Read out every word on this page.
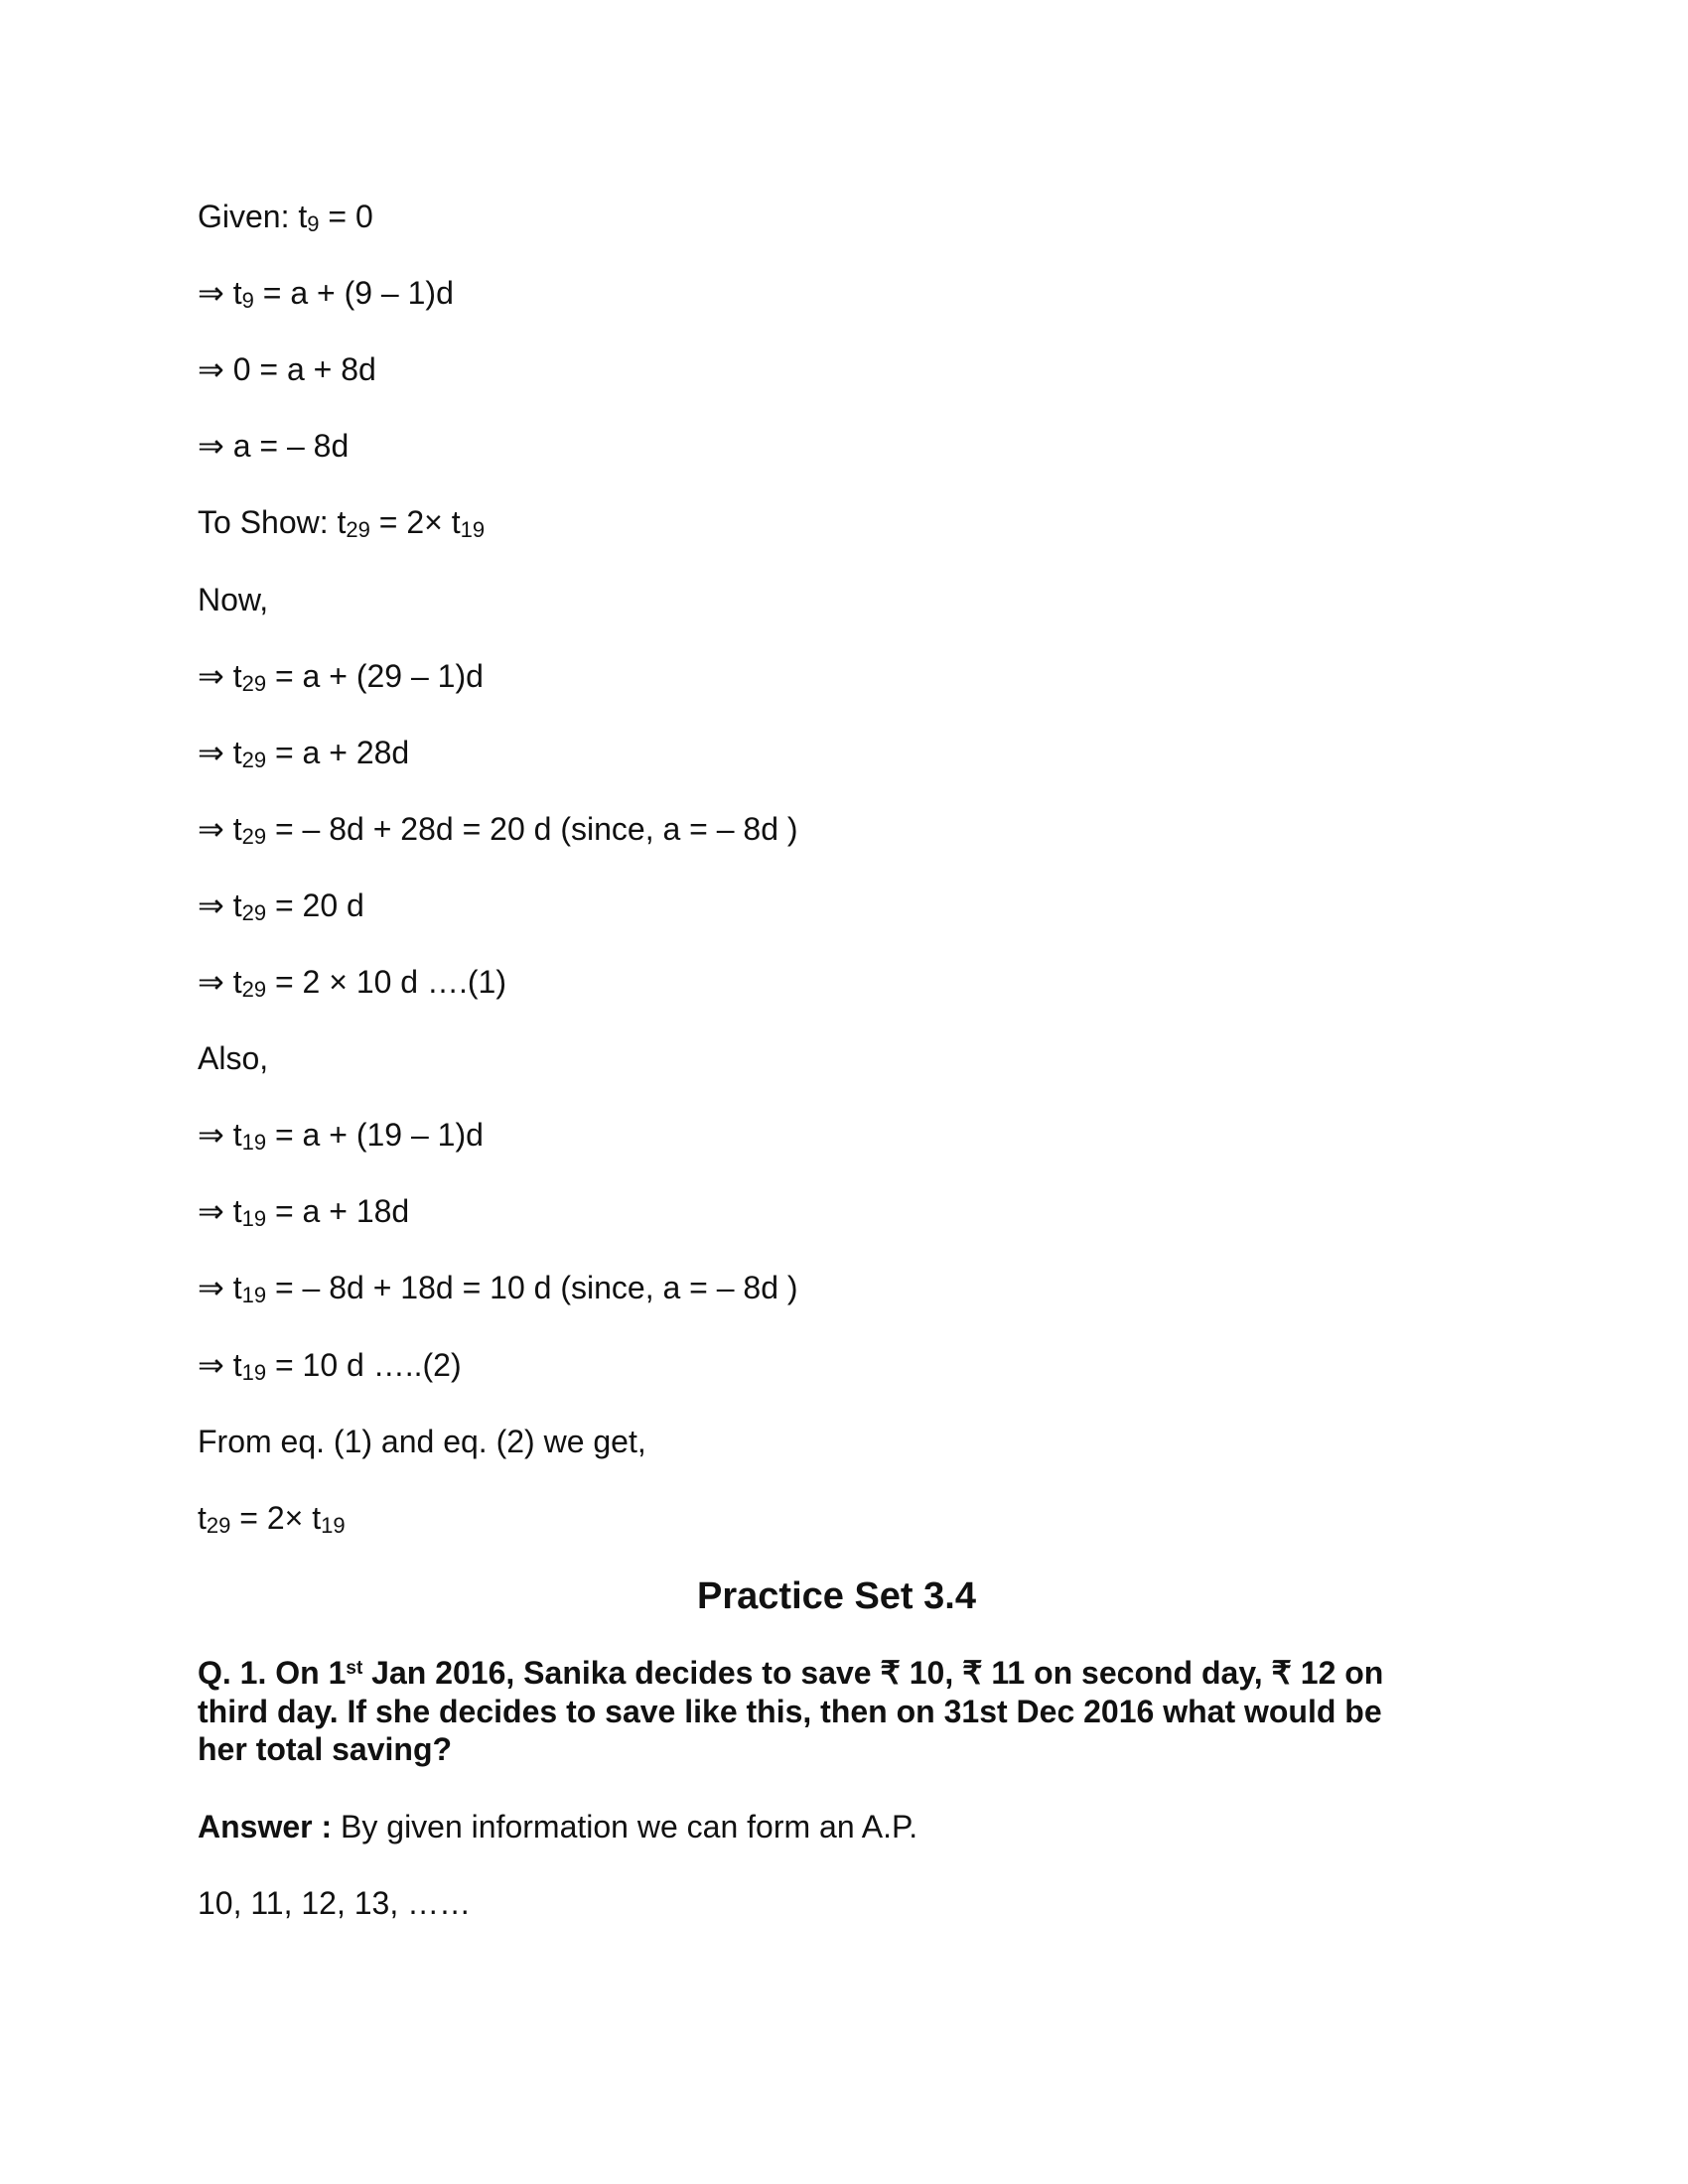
Given: t9 = 0
⇒ t9 = a + (9 – 1)d
⇒ 0 = a + 8d
⇒ a = – 8d
To Show: t29 = 2× t19
Now,
⇒ t29 = a + (29 – 1)d
⇒ t29 = a + 28d
⇒ t29 = – 8d + 28d = 20 d (since, a = – 8d )
⇒ t29 = 20 d
⇒ t29 = 2 × 10 d ….(1)
Also,
⇒ t19 = a + (19 – 1)d
⇒ t19 = a + 18d
⇒ t19 = – 8d + 18d = 10 d (since, a = – 8d )
⇒ t19 = 10 d …..(2)
From eq. (1) and eq. (2) we get,
t29 = 2× t19
Practice Set 3.4
Q. 1. On 1st Jan 2016, Sanika decides to save ₹ 10, ₹ 11 on second day, ₹ 12 on
third day. If she decides to save like this, then on 31st Dec 2016 what would be
her total saving?
Answer : By given information we can form an A.P.
10, 11, 12, 13, ……
